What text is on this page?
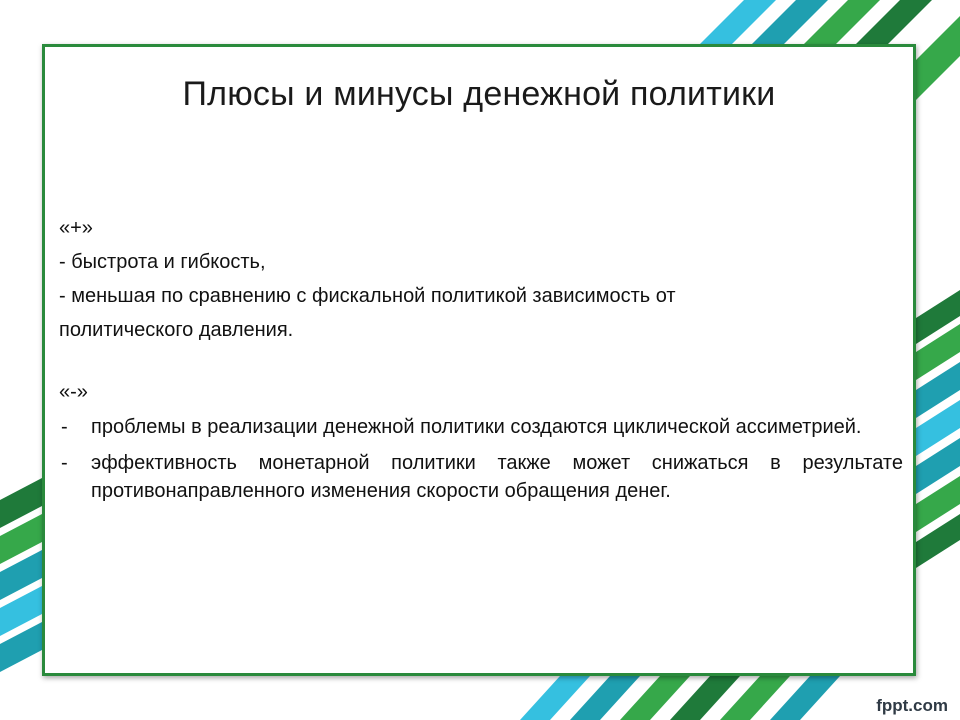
Плюсы и минусы денежной политики
«+»
- быстрота и гибкость,
- меньшая по сравнению с фискальной политикой зависимость от
политического давления.
«-»
- проблемы в реализации денежной политики создаются циклической ассиметрией.
- эффективность монетарной политики также может снижаться в результате противонаправленного изменения скорости обращения денег.
fppt.com
